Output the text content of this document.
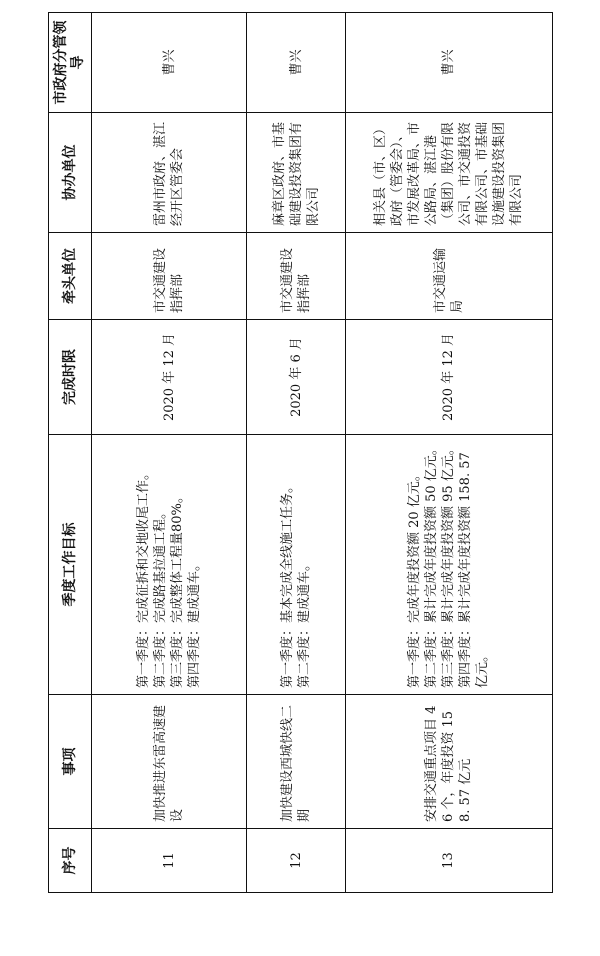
序号	事项	季度工作目标	完成时限	牵头单位	协办单位	市政府分管领导
11	加快推进东雷高速建设	第一季度：完成征拆和交地收尾工作。 第二季度：完成路基拉通工程。 第三季度：完成整体工程量80%。 第四季度：建成通车。	2020 年 12 月	市交通建设指挥部	雷州市政府、湛江经开区管委会	曹兴
12	加快建设西城快线二期	第一季度：基本完成全线施工任务。 第二季度：建成通车。	2020 年 6 月	市交通建设指挥部	麻章区政府、市基础建设投资集团有限公司	曹兴
13	安排交通重点项目 46 个，年度投资 158. 57 亿元	第一季度：完成年度投资额 20 亿元。 第二季度：累计完成年度投资额 50 亿元。 第三季度：累计完成年度投资额 95 亿元。 第四季度：累计完成年度投资额 158. 57 亿元。	2020 年 12 月	市交通运输局	相关县（市、区）政府（管委会）、市发展改革局、市公路局、湛江港（集团）股份有限公司、市交通投资有限公司、市基础设施建设投资集团有限公司	曹兴
